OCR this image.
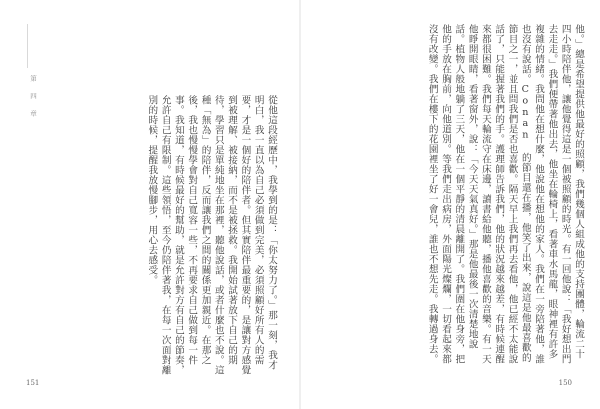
第 四 章	從他這段經歷中，我學到的是：「你太努力了。」那一刻，我才明白，我一直以為自己必須做到完美，必須照顧好所有人的需要，才是一個好的陪伴者。但其實陪伴最重要的，是讓對方感覺到被理解、被接納，而不是被拯救。我開始試著放下自己的期待，學習只是單純地坐在那裡，聽他說話，或者什麼也不說。這種「無為」的陪伴，反而讓我們之間的關係更加親近。在那之後，我也慢慢學會對自己寬容一些，不再要求自己做到每一件事。我知道，有時候最好的幫助，就是允許對方有自己的節奏，允許自己有限制。這些領悟，至今仍陪伴著我，在每一次面對離別的時候，提醒我放慢腳步，用心去感受。
151
他。」總是希望提供他最好的照顧，我們幾個人組成他的支持團體，輪流二十四小時陪伴他，讓他覺得這是一個被照顧的時光。有一回他說：「我好想出門去走走。」我們便帶著他出去，他坐在輪椅上，看著車水馬龍，眼神裡有許多複雜的情緒。我問他在想什麼，他說他在想他的家人。我們在一旁陪著他，誰也沒有說話。Conan 的節目還在播，他笑了出來，說這是他最喜歡的節目之一，並且問我們是否也喜歡。隔天早上我們再去看他，他已經不太能說話了，只能握著我們的手。護理師告訴我們，他的狀況越來越差，有時候連醒來都很困難。我們每天輪流守在床邊，讀書給他聽，播他喜歡的音樂。有一天他睜開眼睛，看著窗外，說：「今天天氣真好。」那是他最後一次清楚地說話。植物人般地躺了三天，他在一個平靜的清晨離開了。我們圍在他身旁，把他的手放在胸前，向他道別。等我們走出病房，外面陽光燦爛，一切看起來都沒有改變。我們在樓下的花園裡坐了好一會兒，誰也不想先走。我轉過身去。
150
